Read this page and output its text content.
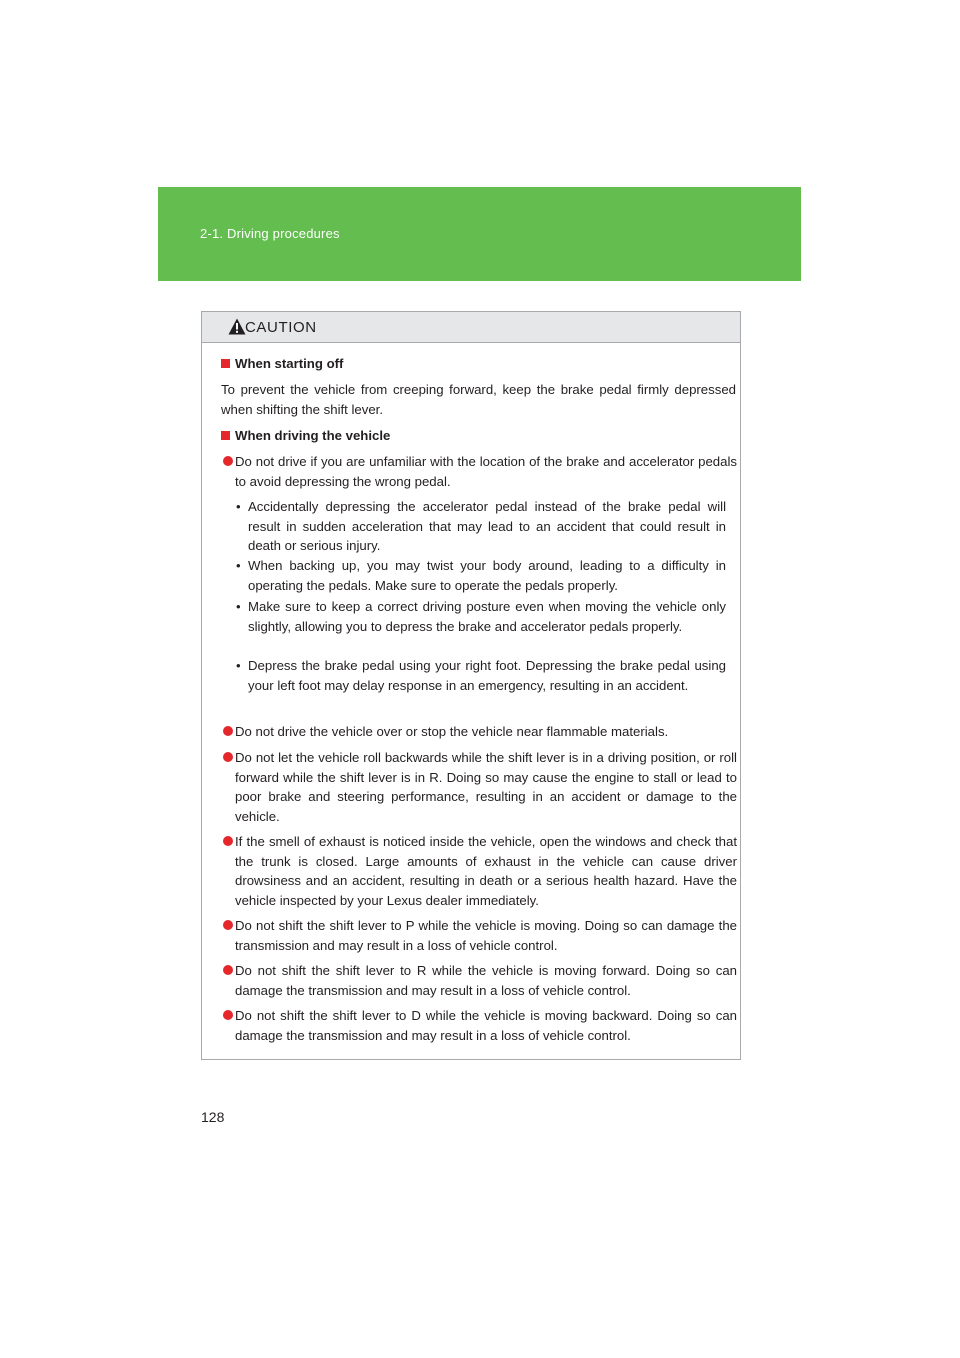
2-1. Driving procedures
CAUTION
When starting off
To prevent the vehicle from creeping forward, keep the brake pedal firmly depressed when shifting the shift lever.
When driving the vehicle
Do not drive if you are unfamiliar with the location of the brake and accelerator pedals to avoid depressing the wrong pedal.
• Accidentally depressing the accelerator pedal instead of the brake pedal will result in sudden acceleration that may lead to an accident that could result in death or serious injury.
• When backing up, you may twist your body around, leading to a difficulty in operating the pedals. Make sure to operate the pedals properly.
• Make sure to keep a correct driving posture even when moving the vehicle only slightly, allowing you to depress the brake and accelerator pedals properly.
• Depress the brake pedal using your right foot. Depressing the brake pedal using your left foot may delay response in an emergency, resulting in an accident.
Do not drive the vehicle over or stop the vehicle near flammable materials.
Do not let the vehicle roll backwards while the shift lever is in a driving position, or roll forward while the shift lever is in R. Doing so may cause the engine to stall or lead to poor brake and steering performance, resulting in an accident or damage to the vehicle.
If the smell of exhaust is noticed inside the vehicle, open the windows and check that the trunk is closed. Large amounts of exhaust in the vehicle can cause driver drowsiness and an accident, resulting in death or a serious health hazard. Have the vehicle inspected by your Lexus dealer immediately.
Do not shift the shift lever to P while the vehicle is moving. Doing so can damage the transmission and may result in a loss of vehicle control.
Do not shift the shift lever to R while the vehicle is moving forward. Doing so can damage the transmission and may result in a loss of vehicle control.
Do not shift the shift lever to D while the vehicle is moving backward. Doing so can damage the transmission and may result in a loss of vehicle control.
128
